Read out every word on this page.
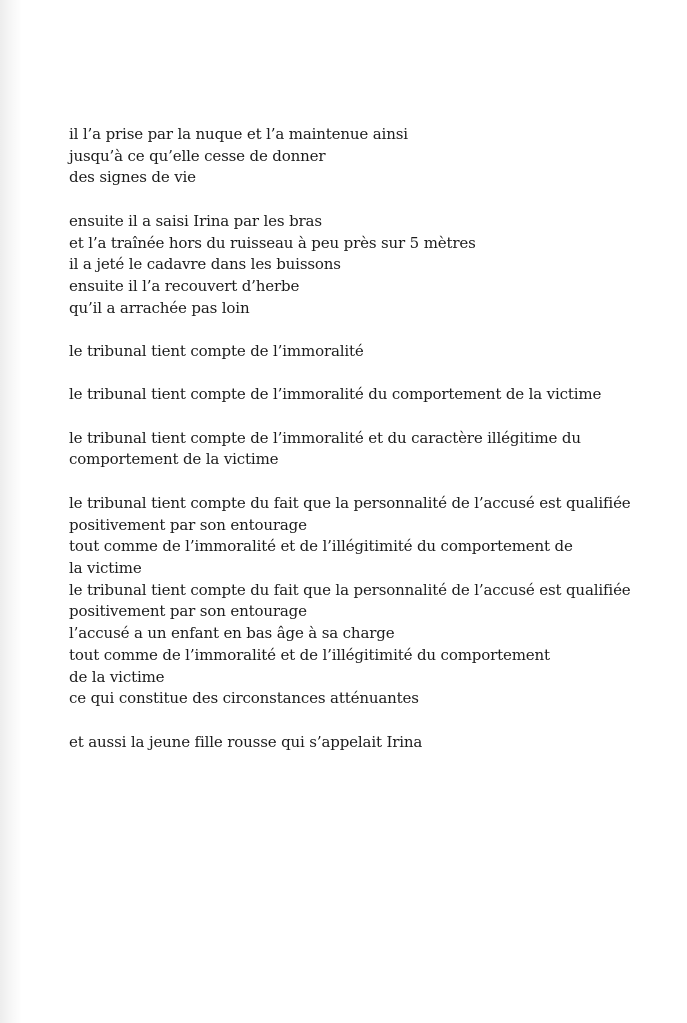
il l’a prise par la nuque et l’a maintenue ainsi
jusqu’à ce qu’elle cesse de donner
des signes de vie
ensuite il a saisi Irina par les bras
et l’a traînée hors du ruisseau à peu près sur 5 mètres
il a jeté le cadavre dans les buissons
ensuite il l’a recouvert d’herbe
qu’il a arrachée pas loin
le tribunal tient compte de l’immoralité
le tribunal tient compte de l’immoralité du comportement de la victime
le tribunal tient compte de l’immoralité et du caractère illégitime du
comportement de la victime
le tribunal tient compte du fait que la personnalité de l’accusé est qualifiée
positivement par son entourage
tout comme de l’immoralité et de l’illégitimité du comportement de
la victime
le tribunal tient compte du fait que la personnalité de l’accusé est qualifiée
positivement par son entourage
l’accusé a un enfant en bas âge à sa charge
tout comme de l’immoralité et de l’illégitimité du comportement
de la victime
ce qui constitue des circonstances atténuantes
et aussi la jeune fille rousse qui s’appelait Irina
